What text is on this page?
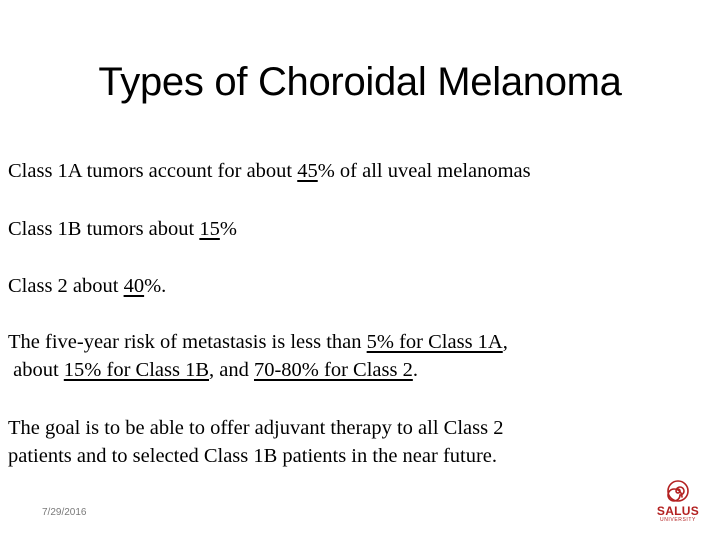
Types of Choroidal Melanoma
Class 1A tumors account for about 45% of all uveal melanomas
Class 1B tumors about 15%
Class 2 about 40%.
The five-year risk of metastasis is less than 5% for Class 1A,
about 15% for Class 1B, and 70-80% for Class 2.
The goal is to be able to offer adjuvant therapy to all Class 2
patients and to selected Class 1B patients in the near future.
7/29/2016	SALUS
UNIVERSITY
